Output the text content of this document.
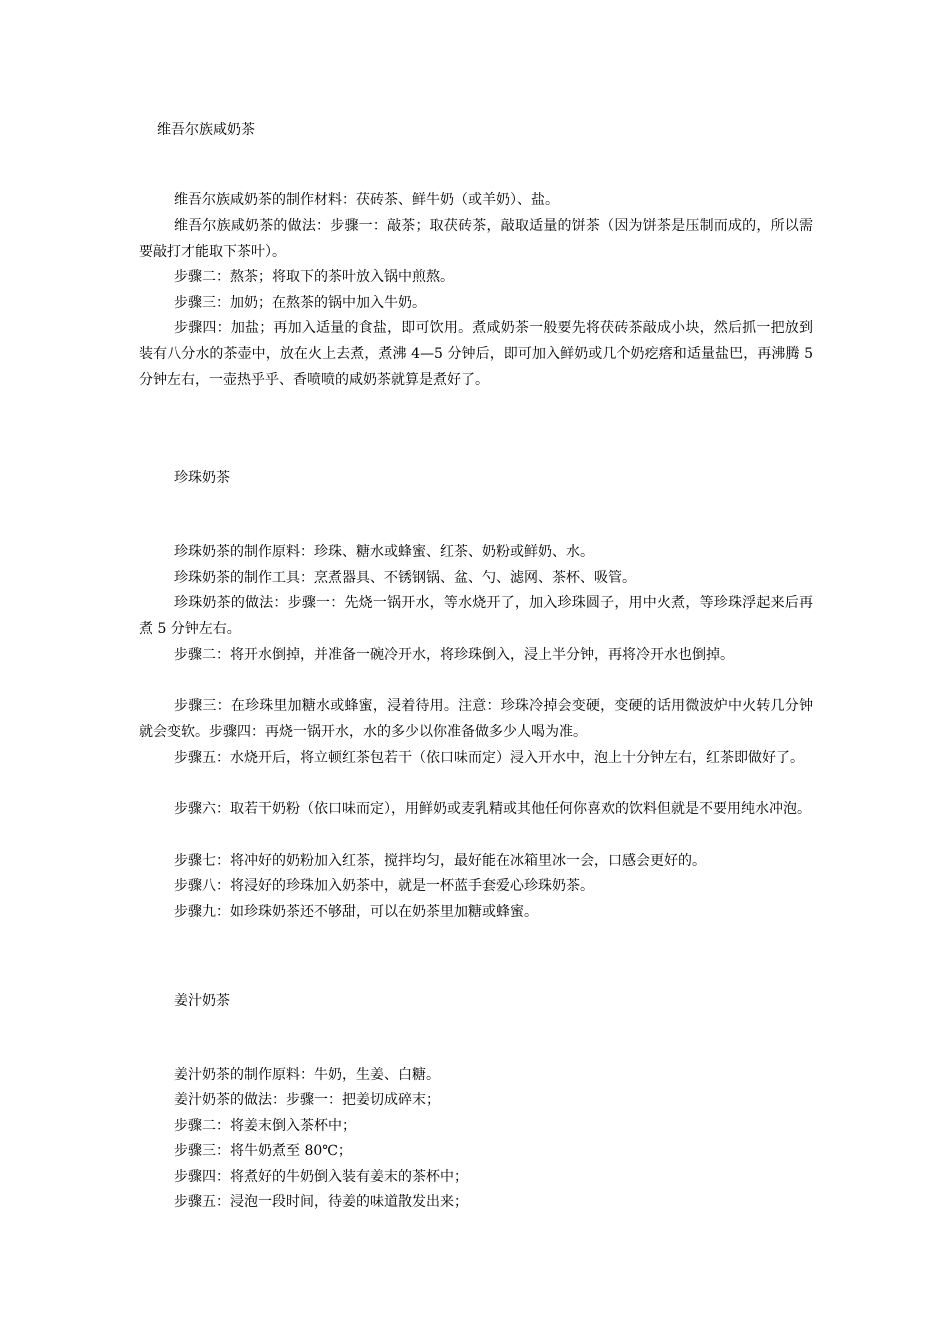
维吾尔族咸奶茶

维吾尔族咸奶茶的制作材料：茯砖茶、鲜牛奶（或羊奶）、盐。

维吾尔族咸奶茶的做法：步骤一：敲茶；取茯砖茶，敲取适量的饼茶（因为饼茶是压制而成的，所以需要敲打才能取下茶叶）。

步骤二：熬茶；将取下的茶叶放入锅中煎熬。

步骤三：加奶；在熬茶的锅中加入牛奶。

步骤四：加盐；再加入适量的食盐，即可饮用。煮咸奶茶一般要先将茯砖茶敲成小块，然后抓一把放到装有八分水的茶壶中，放在火上去煮，煮沸 4—5 分钟后，即可加入鲜奶或几个奶疙瘩和适量盐巴，再沸腾 5 分钟左右，一壶热乎乎、香喷喷的咸奶茶就算是煮好了。

珍珠奶茶

珍珠奶茶的制作原料：珍珠、糖水或蜂蜜、红茶、奶粉或鲜奶、水。

珍珠奶茶的制作工具：烹煮器具、不锈钢锅、盆、勺、滤网、茶杯、吸管。

珍珠奶茶的做法：步骤一：先烧一锅开水，等水烧开了，加入珍珠圆子，用中火煮，等珍珠浮起来后再煮 5 分钟左右。

步骤二：将开水倒掉，并准备一碗冷开水，将珍珠倒入，浸上半分钟，再将冷开水也倒掉。

步骤三：在珍珠里加糖水或蜂蜜，浸着待用。注意：珍珠冷掉会变硬，变硬的话用微波炉中火转几分钟就会变软。步骤四：再烧一锅开水，水的多少以你准备做多少人喝为准。

步骤五：水烧开后，将立顿红茶包若干（依口味而定）浸入开水中，泡上十分钟左右，红茶即做好了。

步骤六：取若干奶粉（依口味而定），用鲜奶或麦乳精或其他任何你喜欢的饮料但就是不要用纯水冲泡。

步骤七：将冲好的奶粉加入红茶，搅拌均匀，最好能在冰箱里冰一会，口感会更好的。

步骤八：将浸好的珍珠加入奶茶中，就是一杯蓝手套爱心珍珠奶茶。

步骤九：如珍珠奶茶还不够甜，可以在奶茶里加糖或蜂蜜。

姜汁奶茶

姜汁奶茶的制作原料：牛奶，生姜、白糖。

姜汁奶茶的做法：步骤一：把姜切成碎末；

步骤二：将姜末倒入茶杯中；

步骤三：将牛奶煮至 80℃；

步骤四：将煮好的牛奶倒入装有姜末的茶杯中；

步骤五：浸泡一段时间，待姜的味道散发出来；
